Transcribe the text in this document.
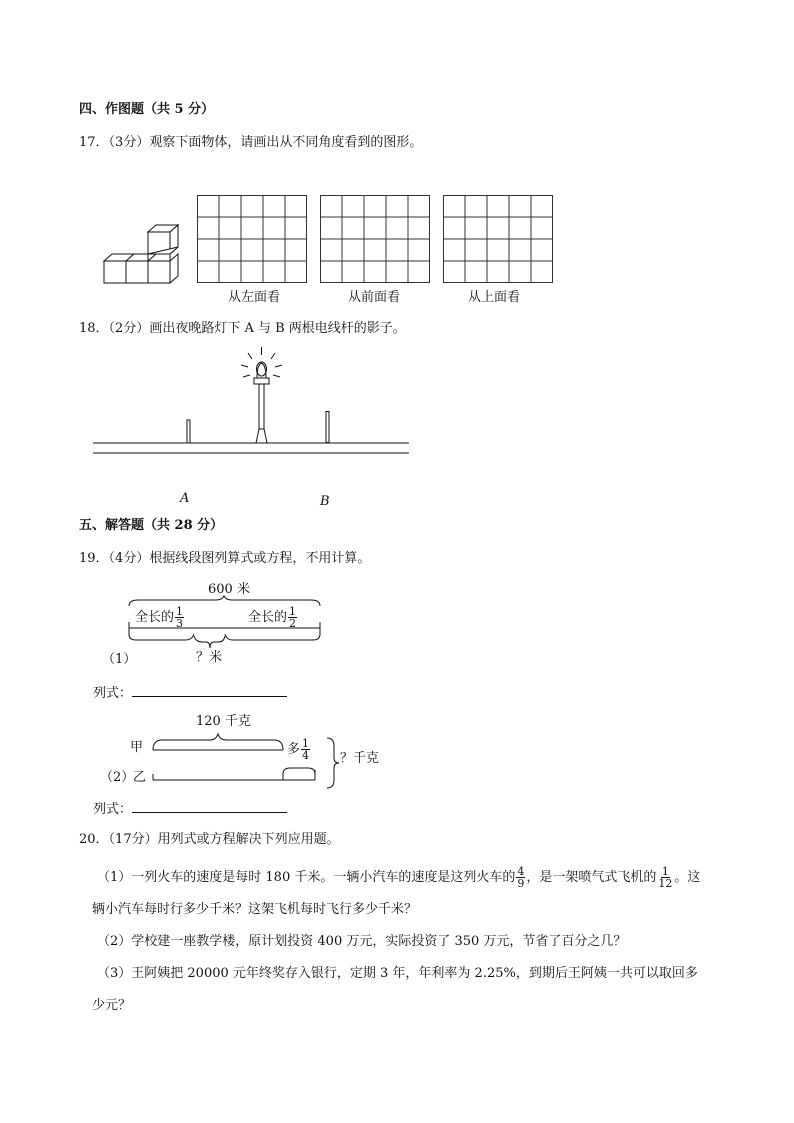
四、作图题（共 5 分）
17．（3分）观察下面物体，请画出从不同角度看到的图形。
从左面看	从前面看	从上面看
18．（2分）画出夜晚路灯下 A 与 B 两根电线杆的影子。
A	B
五、解答题（共 28 分）
19．（4分）根据线段图列算式或方程，不用计算。
600 米
全长的 $\frac{1}{3}$	全长的 $\frac{1}{2}$
（1）	？米
列式：
120 千克
甲
（2）
乙
多 $\frac{1}{4}$ ？千克
列式：
20．（17分）用列式或方程解决下列应用题。
（1）一列火车的速度是每时 180 千米。一辆小汽车的速度是这列火车的 $\frac{4}{9}$ ，是一架喷气式飞机的 $\frac{1}{12}$ 。这
辆小汽车每时行多少千米？这架飞机每时飞行多少千米？
（2）学校建一座教学楼，原计划投资 400 万元，实际投资了 350 万元，节省了百分之几？
（3）王阿姨把 20000 元年终奖存入银行，定期 3 年，年利率为 2.25%，到期后王阿姨一共可以取回多
少元？
